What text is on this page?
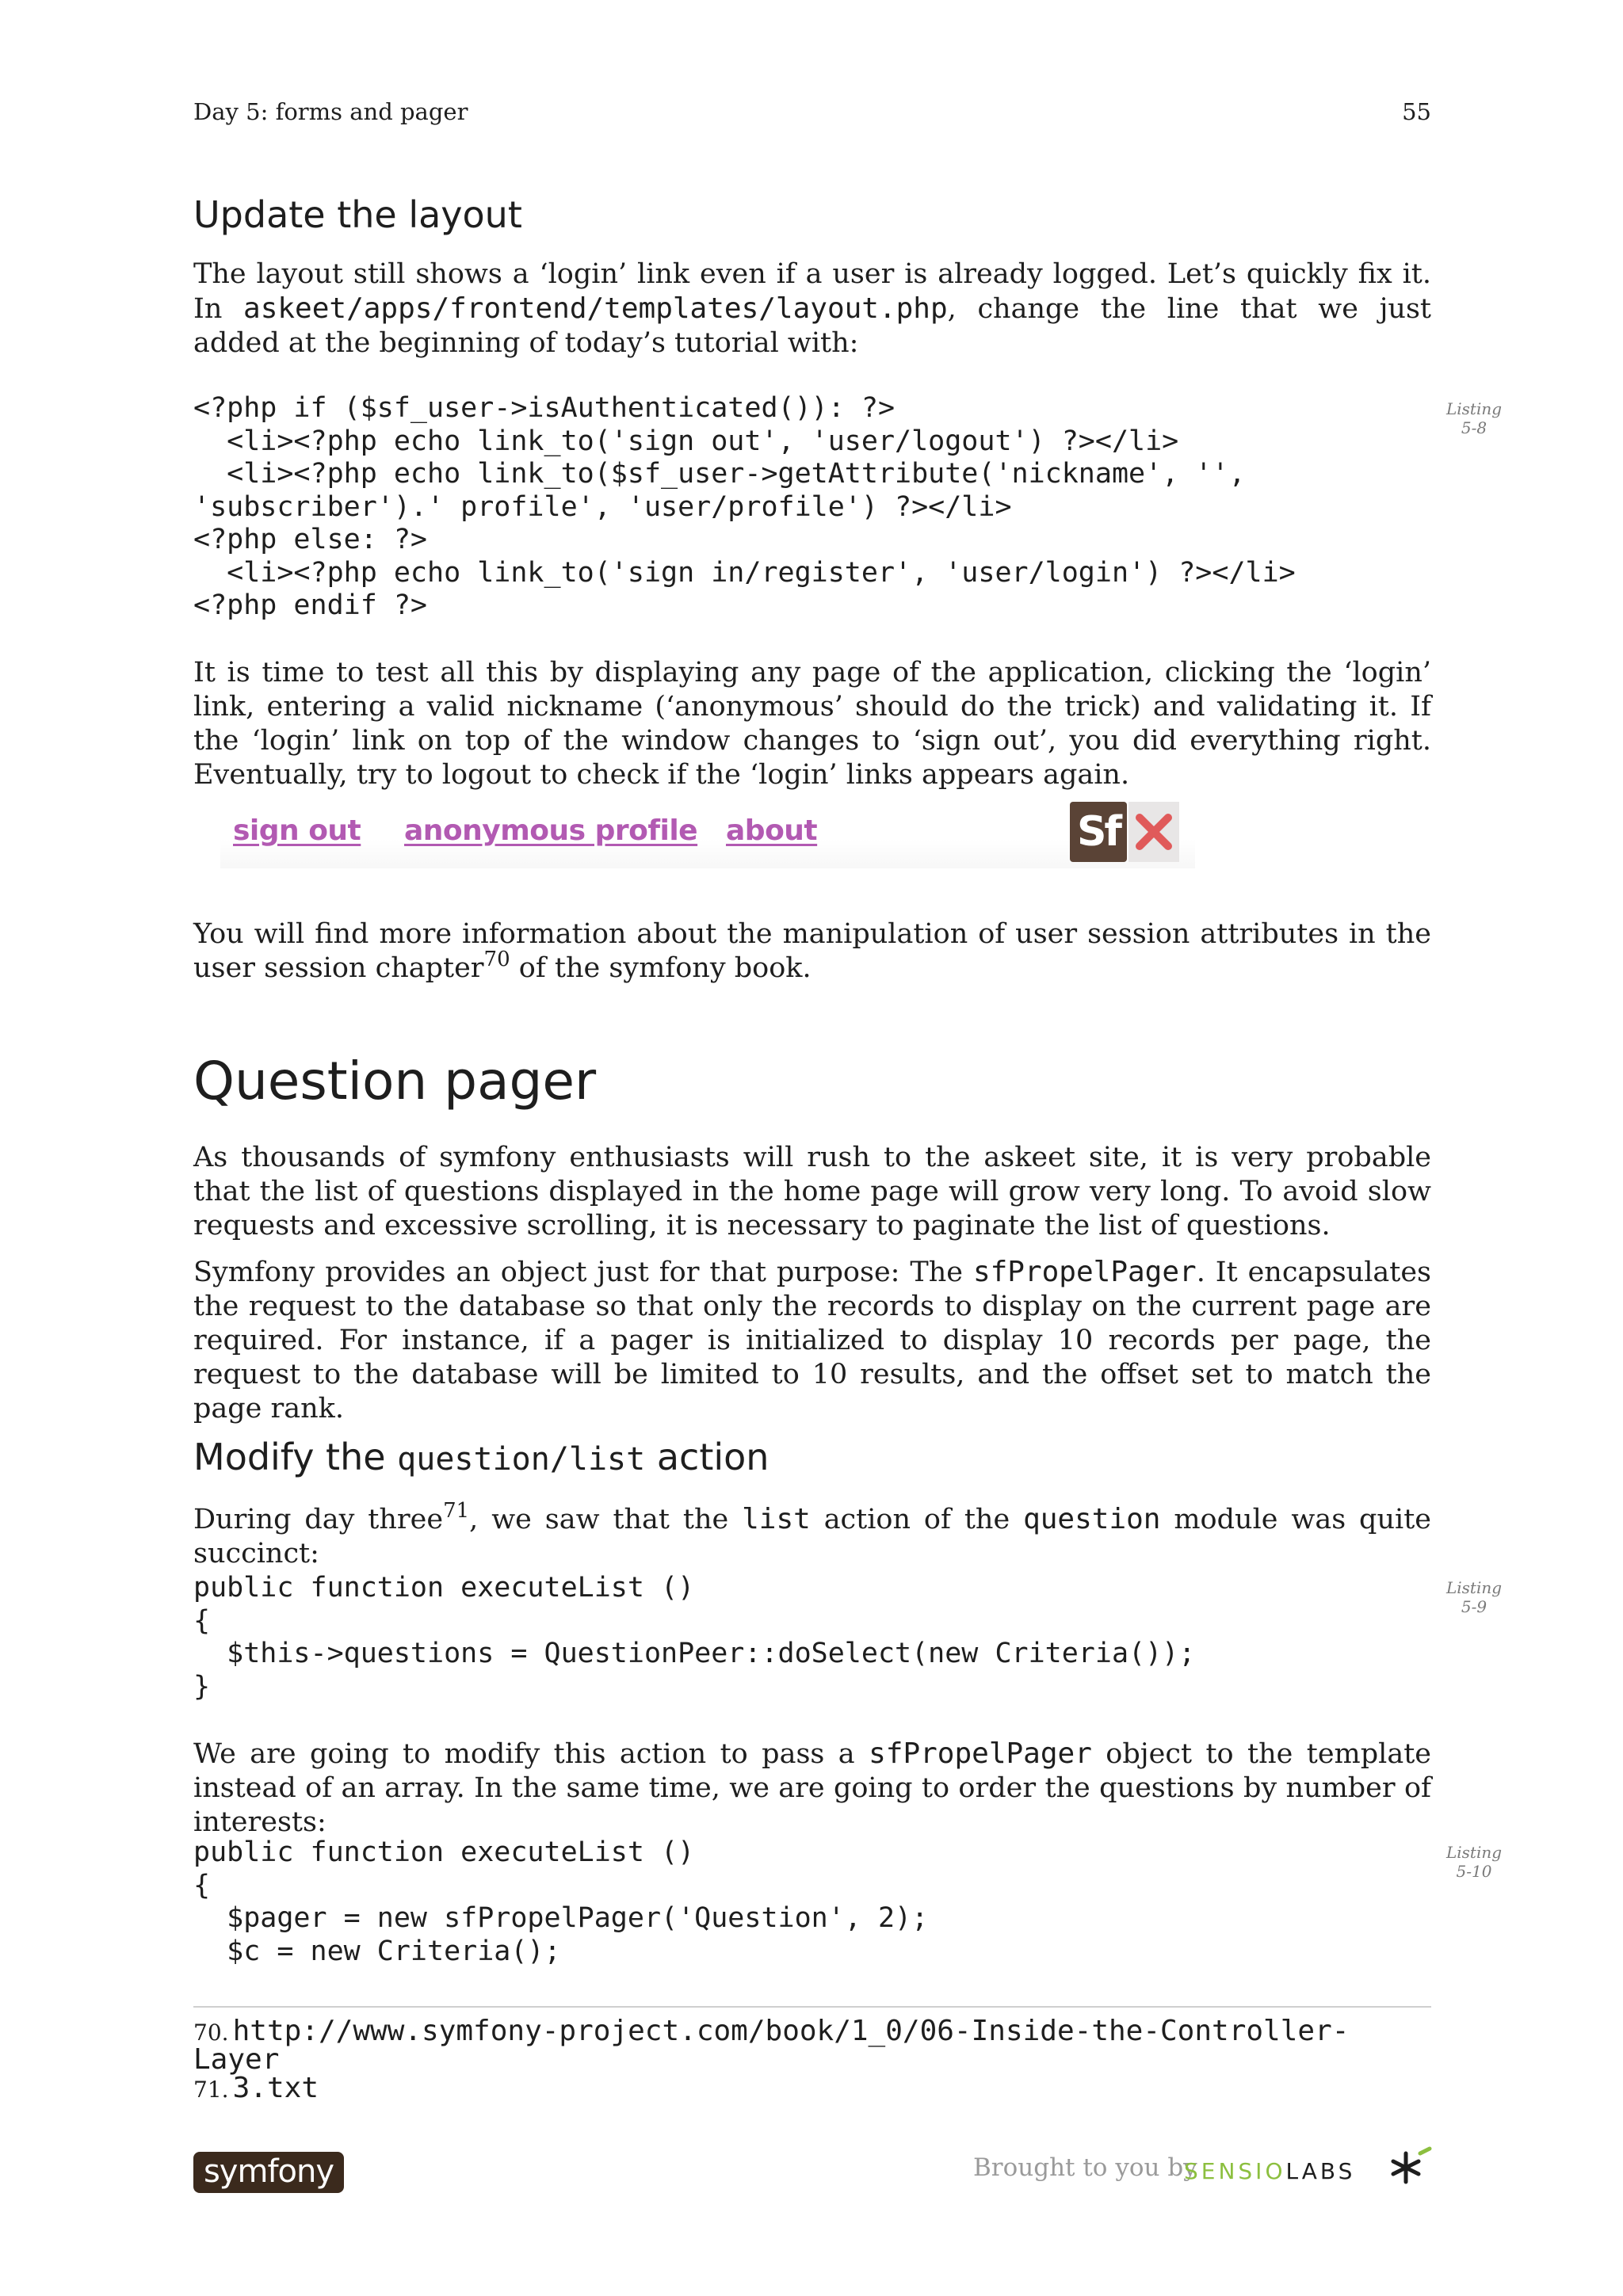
Day 5: forms and pager	55
Update the layout

The layout still shows a ‘login’ link even if a user is already logged. Let’s quickly fix it. In askeet/apps/frontend/templates/layout.php, change the line that we just added at the beginning of today’s tutorial with:

Listing
5-8
<?php if ($sf_user->isAuthenticated()): ?>
<li><?php echo link_to('sign out', 'user/logout') ?></li>
<li><?php echo link_to($sf_user->getAttribute('nickname', '',
'subscriber').' profile', 'user/profile') ?></li>
<?php else: ?>
<li><?php echo link_to('sign in/register', 'user/login') ?></li>
<?php endif ?>

It is time to test all this by displaying any page of the application, clicking the ‘login’ link, entering a valid nickname (‘anonymous’ should do the trick) and validating it. If the ‘login’ link on top of the window changes to ‘sign out’, you did everything right. Eventually, try to logout to check if the ‘login’ links appears again.

sign out anonymous profile about	Sf

You will find more information about the manipulation of user session attributes in the user session chapter$^{70}$ of the symfony book.

Question pager

As thousands of symfony enthusiasts will rush to the askeet site, it is very probable that the list of questions displayed in the home page will grow very long. To avoid slow requests and excessive scrolling, it is necessary to paginate the list of questions.

Symfony provides an object just for that purpose: The sfPropelPager. It encapsulates the request to the database so that only the records to display on the current page are required. For instance, if a pager is initialized to display 10 records per page, the request to the database will be limited to 10 results, and the offset set to match the page rank.

Modify the question/list action

During day three$^{71}$, we saw that the list action of the question module was quite succinct:

Listing
5-9
public function executeList ()
{
$this->questions = QuestionPeer::doSelect(new Criteria());
}

We are going to modify this action to pass a sfPropelPager object to the template instead of an array. In the same time, we are going to order the questions by number of interests:

Listing
5-10
public function executeList ()
{
$pager = new sfPropelPager('Question', 2);
$c = new Criteria();
70. http://www.symfony-project.com/book/1_0/06-Inside-the-Controller-
Layer
71. 3.txt
symfony	Brought to you by
SENSIOLABS
